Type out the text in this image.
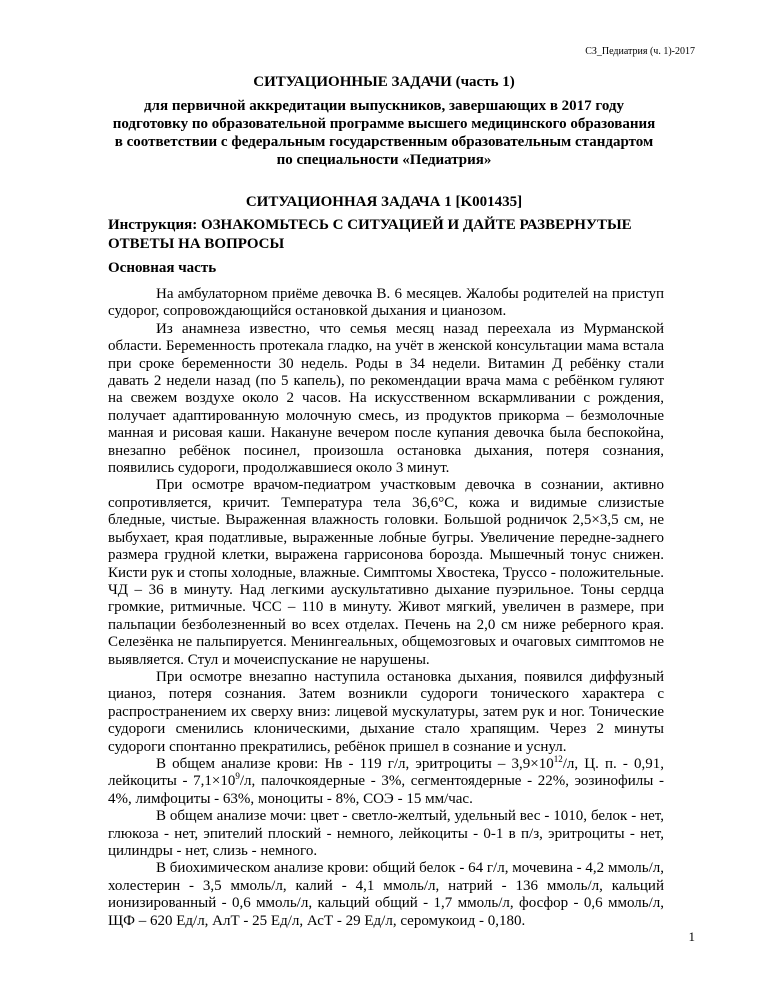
СЗ_Педиатрия (ч. 1)-2017
СИТУАЦИОННЫЕ ЗАДАЧИ (часть 1)
для первичной аккредитации выпускников, завершающих в 2017 году подготовку по образовательной программе высшего медицинского образования в соответствии с федеральным государственным образовательным стандартом по специальности «Педиатрия»
СИТУАЦИОННАЯ ЗАДАЧА 1 [K001435]
Инструкция: ОЗНАКОМЬТЕСЬ С СИТУАЦИЕЙ И ДАЙТЕ РАЗВЕРНУТЫЕ ОТВЕТЫ НА ВОПРОСЫ
Основная часть

На амбулаторном приёме девочка В. 6 месяцев. Жалобы родителей на приступ судорог, сопровождающийся остановкой дыхания и цианозом.

Из анамнеза известно, что семья месяц назад переехала из Мурманской области. Беременность протекала гладко, на учёт в женской консультации мама встала при сроке беременности 30 недель. Роды в 34 недели. Витамин Д ребёнку стали давать 2 недели назад (по 5 капель), по рекомендации врача мама с ребёнком гуляют на свежем воздухе около 2 часов. На искусственном вскармливании с рождения, получает адаптированную молочную смесь, из продуктов прикорма – безмолочные манная и рисовая каши. Накануне вечером после купания девочка была беспокойна, внезапно ребёнок посинел, произошла остановка дыхания, потеря сознания, появились судороги, продолжавшиеся около 3 минут.

При осмотре врачом-педиатром участковым девочка в сознании, активно сопротивляется, кричит. Температура тела 36,6°С, кожа и видимые слизистые бледные, чистые. Выраженная влажность головки. Большой родничок 2,5×3,5 см, не выбухает, края податливые, выраженные лобные бугры. Увеличение передне-заднего размера грудной клетки, выражена гаррисонова борозда. Мышечный тонус снижен. Кисти рук и стопы холодные, влажные. Симптомы Хвостека, Труссо - положительные. ЧД – 36 в минуту. Над легкими аускультативно дыхание пуэрильное. Тоны сердца громкие, ритмичные. ЧСС – 110 в минуту. Живот мягкий, увеличен в размере, при пальпации безболезненный во всех отделах. Печень на 2,0 см ниже реберного края. Селезёнка не пальпируется. Менингеальных, общемозговых и очаговых симптомов не выявляется. Стул и мочеиспускание не нарушены.

При осмотре внезапно наступила остановка дыхания, появился диффузный цианоз, потеря сознания. Затем возникли судороги тонического характера с распространением их сверху вниз: лицевой мускулатуры, затем рук и ног. Тонические судороги сменились клоническими, дыхание стало храпящим. Через 2 минуты судороги спонтанно прекратились, ребёнок пришел в сознание и уснул.

В общем анализе крови: Нв - 119 г/л, эритроциты – $3,9\times 10^{12}/л$, Ц. п. - 0,91, лейкоциты - $7,1\times 10^9/л$, палочкоядерные - 3%, сегментоядерные - 22%, эозинофилы - 4%, лимфоциты - 63%, моноциты - 8%, СОЭ - 15 мм/час.

В общем анализе мочи: цвет - светло-желтый, удельный вес - 1010, белок - нет, глюкоза - нет, эпителий плоский - немного, лейкоциты - 0-1 в п/з, эритроциты - нет, цилиндры - нет, слизь - немного.

В биохимическом анализе крови: общий белок - 64 г/л, мочевина - 4,2 ммоль/л, холестерин - 3,5 ммоль/л, калий - 4,1 ммоль/л, натрий - 136 ммоль/л, кальций ионизированный - 0,6 ммоль/л, кальций общий - 1,7 ммоль/л, фосфор - 0,6 ммоль/л, ЩФ – 620 Ед/л, АлТ - 25 Ед/л, АсТ - 29 Ед/л, серомукоид - 0,180.

1
